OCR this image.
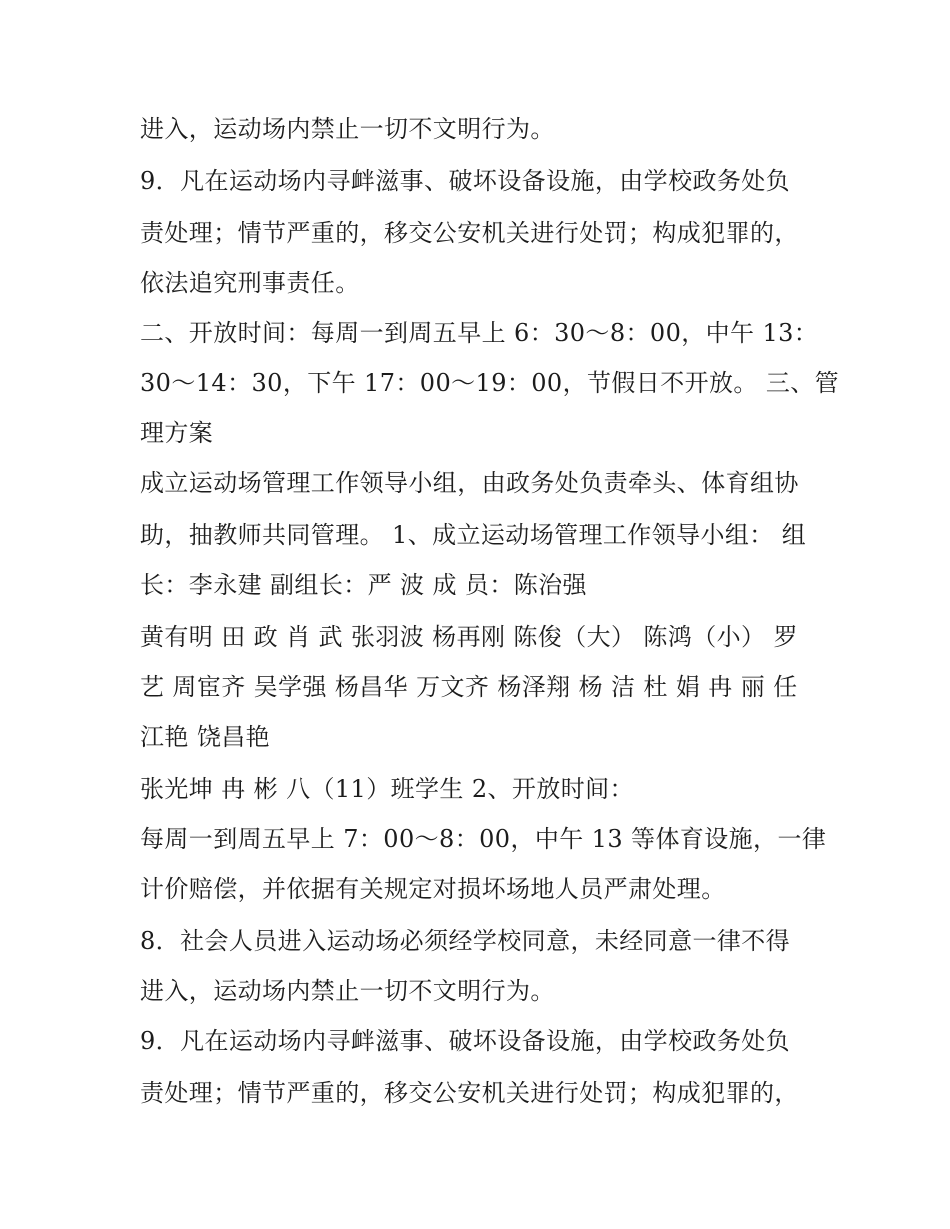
进入，运动场内禁止一切不文明行为。

9．凡在运动场内寻衅滋事、破坏设备设施，由学校政务处负

责处理；情节严重的，移交公安机关进行处罚；构成犯罪的，

依法追究刑事责任。

二、开放时间：每周一到周五早上 6：30～8：00，中午 13：

30～14：30，下午 17：00～19：00，节假日不开放。 三、管

理方案

成立运动场管理工作领导小组，由政务处负责牵头、体育组协

助，抽教师共同管理。 1、成立运动场管理工作领导小组： 组

长：李永建 副组长：严 波 成 员：陈治强

黄有明 田 政 肖 武 张羽波 杨再刚 陈俊（大） 陈鸿（小） 罗

艺 周宦齐 吴学强 杨昌华 万文齐 杨泽翔 杨 洁 杜 娟 冉 丽 任

江艳 饶昌艳

张光坤 冉 彬 八（11）班学生 2、开放时间：

每周一到周五早上 7：00～8：00，中午 13 等体育设施，一律

计价赔偿，并依据有关规定对损坏场地人员严肃处理。

8．社会人员进入运动场必须经学校同意，未经同意一律不得

进入，运动场内禁止一切不文明行为。

9．凡在运动场内寻衅滋事、破坏设备设施，由学校政务处负

责处理；情节严重的，移交公安机关进行处罚；构成犯罪的，
